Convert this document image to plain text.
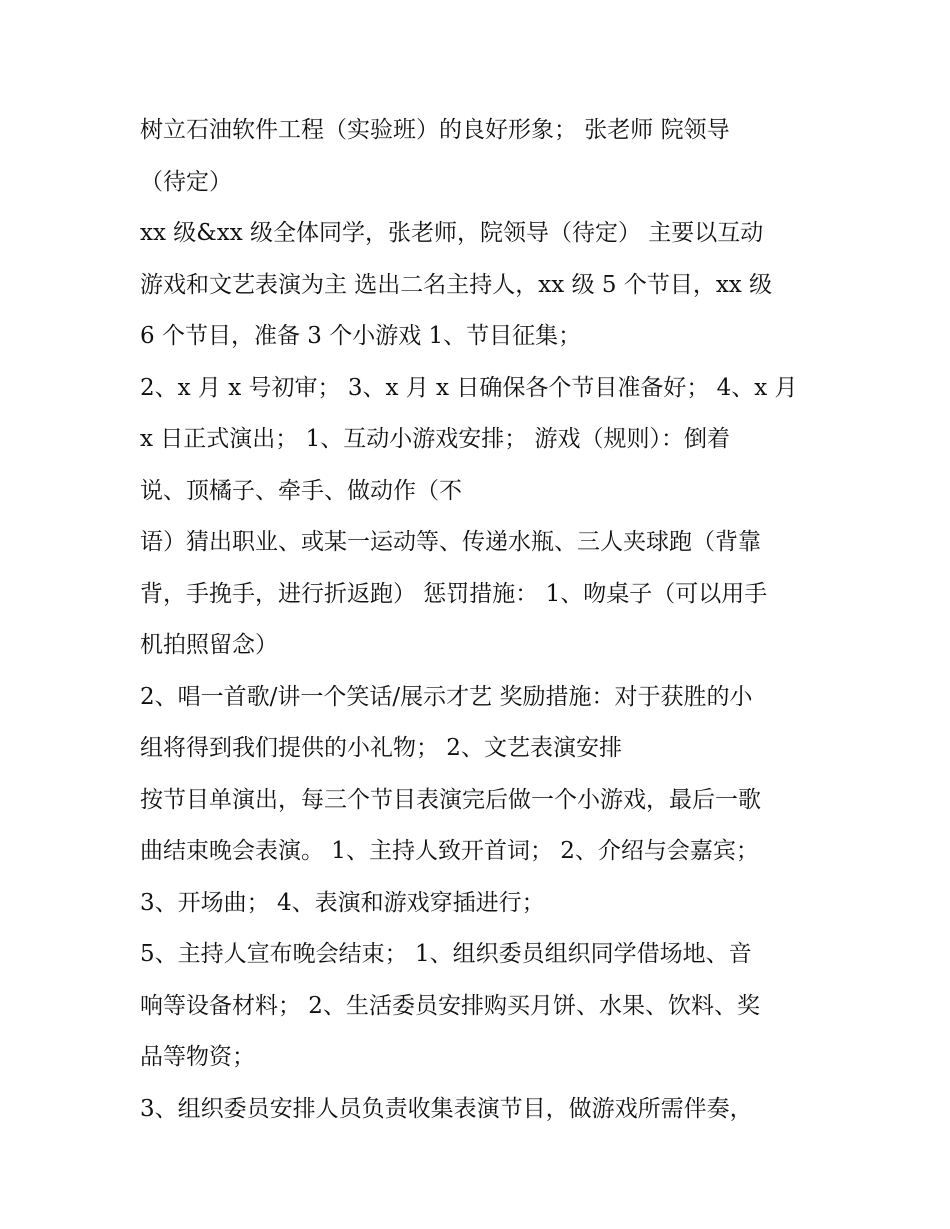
树立石油软件工程（实验班）的良好形象； 张老师 院领导

（待定）

xx 级&xx 级全体同学，张老师，院领导（待定） 主要以互动

游戏和文艺表演为主 选出二名主持人，xx 级 5 个节目，xx 级

6 个节目，准备 3 个小游戏 1、节目征集；

2、x 月 x 号初审； 3、x 月 x 日确保各个节目准备好； 4、x 月

x 日正式演出； 1、互动小游戏安排； 游戏（规则）：倒着

说、顶橘子、牵手、做动作（不

语）猜出职业、或某一运动等、传递水瓶、三人夹球跑（背靠

背，手挽手，进行折返跑） 惩罚措施： 1、吻桌子（可以用手

机拍照留念）

2、唱一首歌/讲一个笑话/展示才艺 奖励措施：对于获胜的小

组将得到我们提供的小礼物； 2、文艺表演安排

按节目单演出，每三个节目表演完后做一个小游戏，最后一歌

曲结束晚会表演。 1、主持人致开首词； 2、介绍与会嘉宾；

3、开场曲； 4、表演和游戏穿插进行；

5、主持人宣布晚会结束； 1、组织委员组织同学借场地、音

响等设备材料； 2、生活委员安排购买月饼、水果、饮料、奖

品等物资；

3、组织委员安排人员负责收集表演节目，做游戏所需伴奏，
